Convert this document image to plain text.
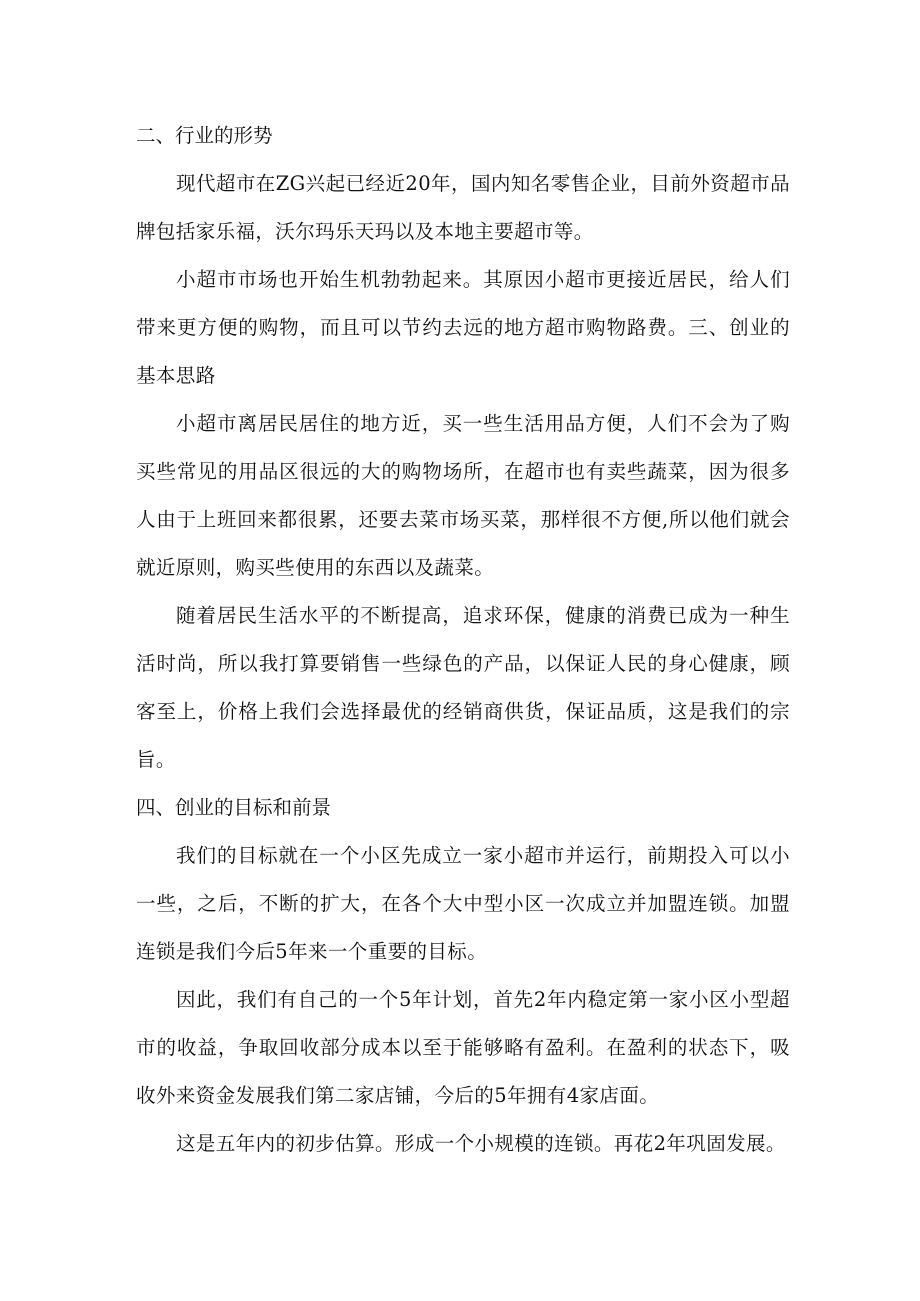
二、行业的形势

现代超市在ZG兴起已经近20年，国内知名零售企业，目前外资超市品牌包括家乐福，沃尔玛乐天玛以及本地主要超市等。

小超市市场也开始生机勃勃起来。其原因小超市更接近居民，给人们带来更方便的购物，而且可以节约去远的地方超市购物路费。三、创业的基本思路

小超市离居民居住的地方近，买一些生活用品方便，人们不会为了购买些常见的用品区很远的大的购物场所，在超市也有卖些蔬菜，因为很多人由于上班回来都很累，还要去菜市场买菜，那样很不方便,所以他们就会就近原则，购买些使用的东西以及蔬菜。

随着居民生活水平的不断提高，追求环保，健康的消费已成为一种生活时尚，所以我打算要销售一些绿色的产品，以保证人民的身心健康，顾客至上，价格上我们会选择最优的经销商供货，保证品质，这是我们的宗旨。

四、创业的目标和前景

我们的目标就在一个小区先成立一家小超市并运行，前期投入可以小一些，之后，不断的扩大，在各个大中型小区一次成立并加盟连锁。加盟连锁是我们今后5年来一个重要的目标。

因此，我们有自己的一个5年计划，首先2年内稳定第一家小区小型超市的收益，争取回收部分成本以至于能够略有盈利。在盈利的状态下，吸收外来资金发展我们第二家店铺，今后的5年拥有4家店面。

这是五年内的初步估算。形成一个小规模的连锁。再花2年巩固发展。
